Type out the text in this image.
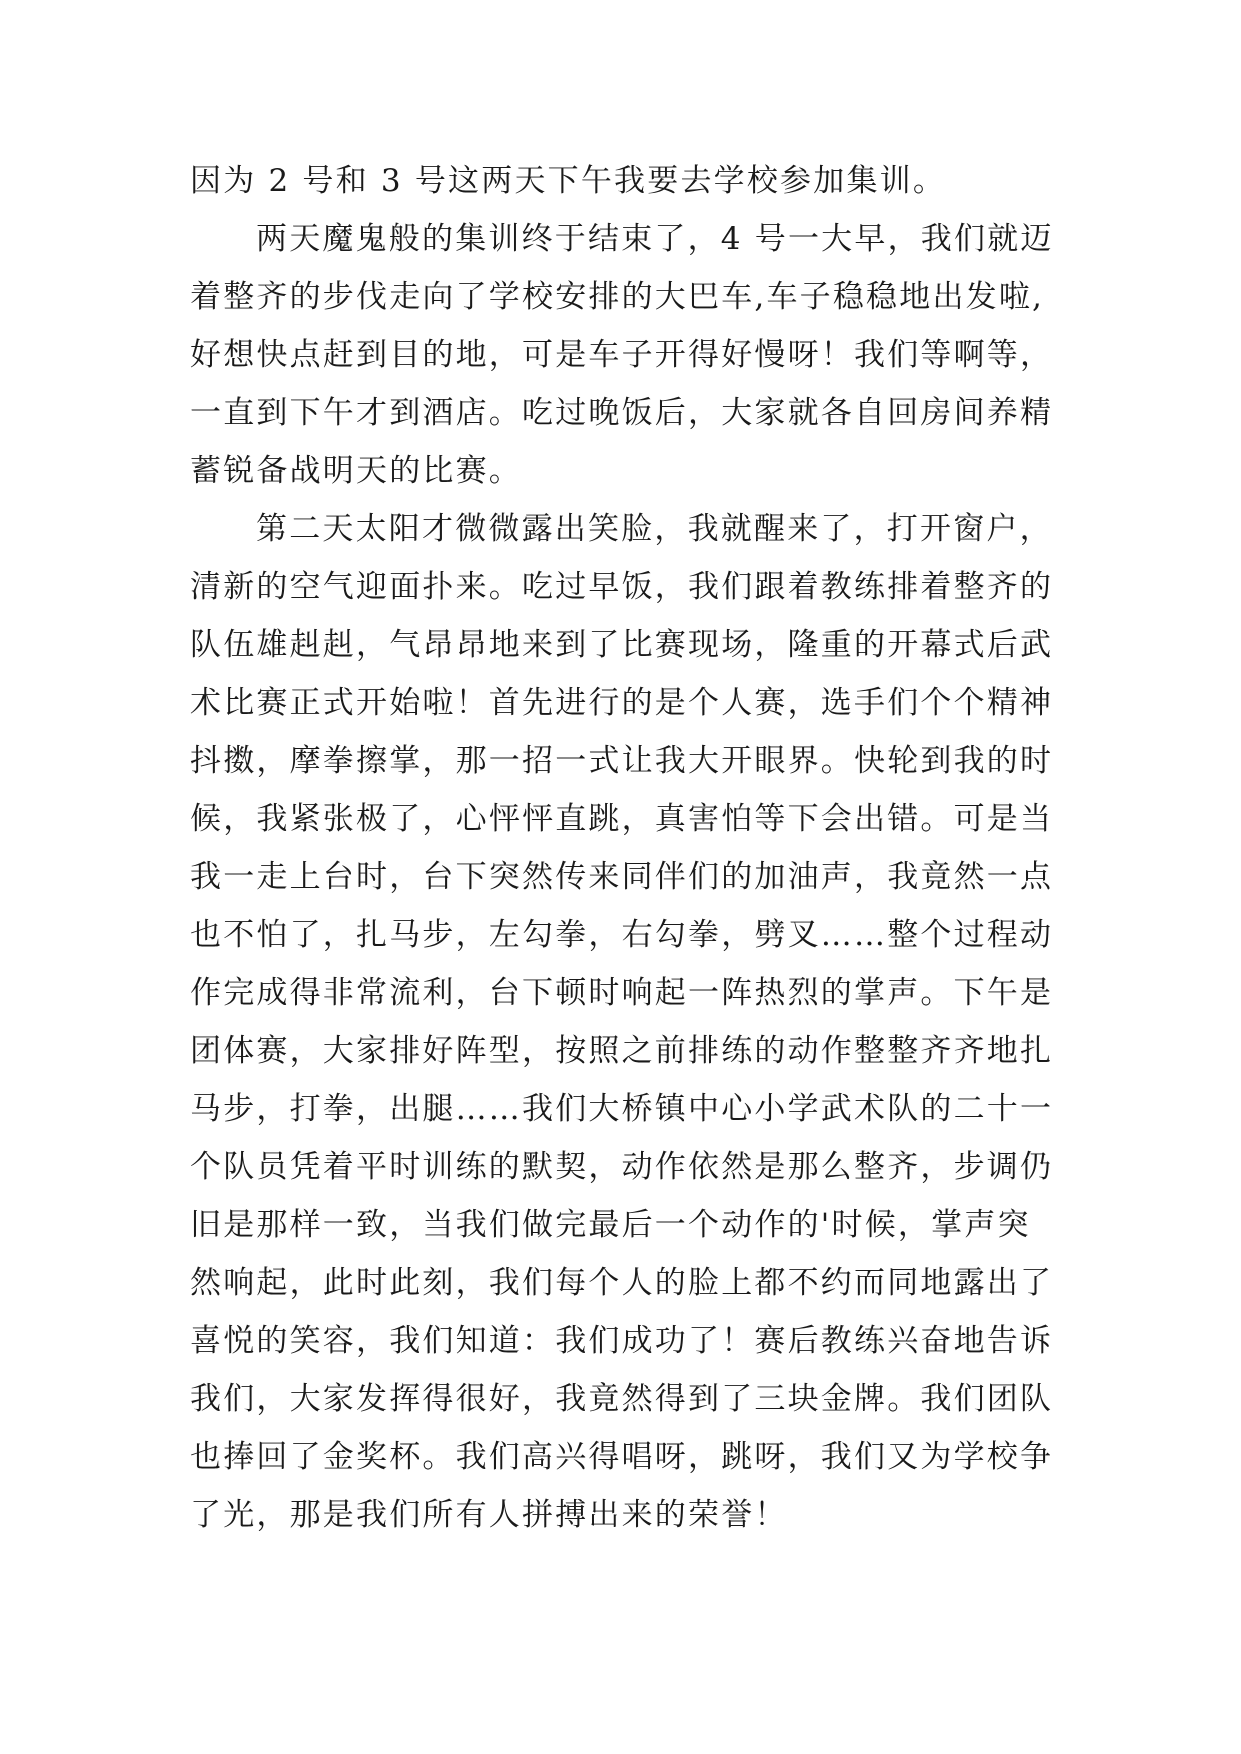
因为 2 号和 3 号这两天下午我要去学校参加集训。
两天魔鬼般的集训终于结束了，4 号一大早，我们就迈
着整齐的步伐走向了学校安排的大巴车,车子稳稳地出发啦,
好想快点赶到目的地，可是车子开得好慢呀！我们等啊等，
一直到下午才到酒店。吃过晚饭后，大家就各自回房间养精
蓄锐备战明天的比赛。
第二天太阳才微微露出笑脸，我就醒来了，打开窗户，
清新的空气迎面扑来。吃过早饭，我们跟着教练排着整齐的
队伍雄赳赳，气昂昂地来到了比赛现场，隆重的开幕式后武
术比赛正式开始啦！首先进行的是个人赛，选手们个个精神
抖擞，摩拳擦掌，那一招一式让我大开眼界。快轮到我的时
候，我紧张极了，心怦怦直跳，真害怕等下会出错。可是当
我一走上台时，台下突然传来同伴们的加油声，我竟然一点
也不怕了，扎马步，左勾拳，右勾拳，劈叉……整个过程动
作完成得非常流利，台下顿时响起一阵热烈的掌声。下午是
团体赛，大家排好阵型，按照之前排练的动作整整齐齐地扎
马步，打拳，出腿……我们大桥镇中心小学武术队的二十一
个队员凭着平时训练的默契，动作依然是那么整齐，步调仍
旧是那样一致，当我们做完最后一个动作的'时候，掌声突
然响起，此时此刻，我们每个人的脸上都不约而同地露出了
喜悦的笑容，我们知道：我们成功了！赛后教练兴奋地告诉
我们，大家发挥得很好，我竟然得到了三块金牌。我们团队
也捧回了金奖杯。我们高兴得唱呀，跳呀，我们又为学校争
了光，那是我们所有人拼搏出来的荣誉！
